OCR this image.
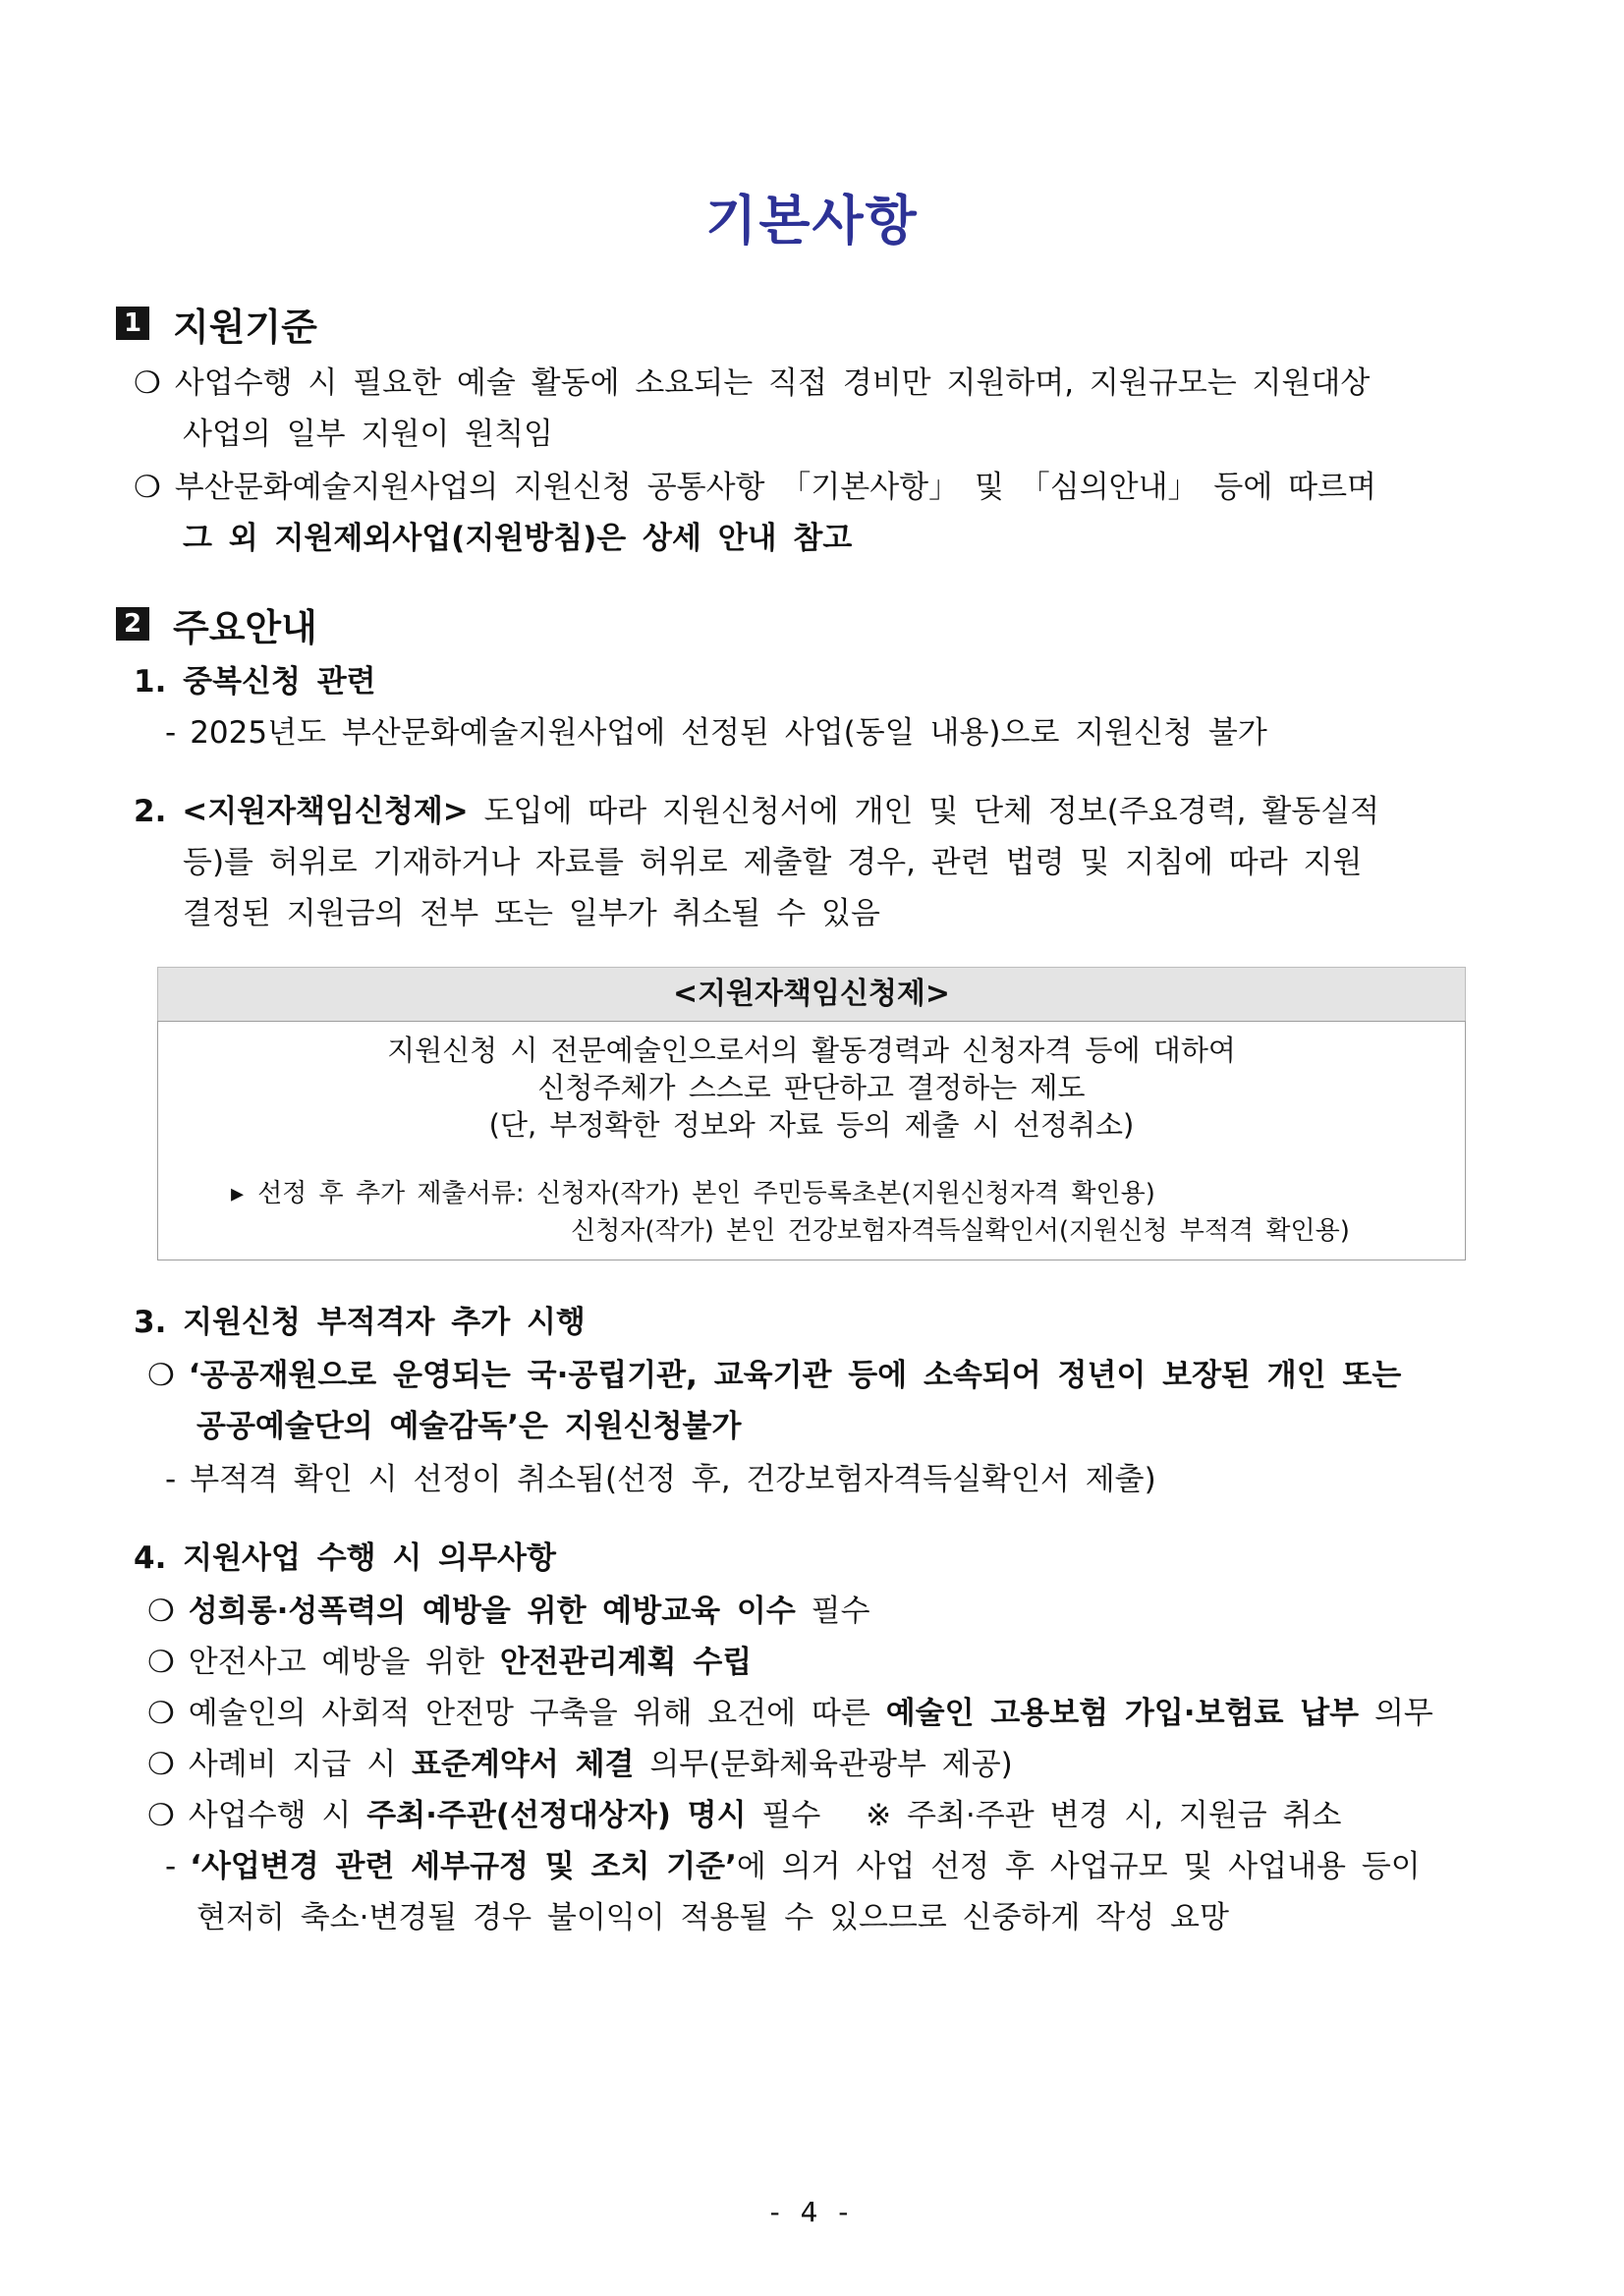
기본사항
1 지원기준
❍ 사업수행 시 필요한 예술 활동에 소요되는 직접 경비만 지원하며, 지원규모는 지원대상
사업의 일부 지원이 원칙임
❍ 부산문화예술지원사업의 지원신청 공통사항 「기본사항」 및 「심의안내」 등에 따르며
그 외 지원제외사업(지원방침)은 상세 안내 참고
2 주요안내
1. 중복신청 관련
- 2025년도 부산문화예술지원사업에 선정된 사업(동일 내용)으로 지원신청 불가
2. <지원자책임신청제> 도입에 따라 지원신청서에 개인 및 단체 정보(주요경력, 활동실적
등)를 허위로 기재하거나 자료를 허위로 제출할 경우, 관련 법령 및 지침에 따라 지원
결정된 지원금의 전부 또는 일부가 취소될 수 있음
<지원자책임신청제>
지원신청 시 전문예술인으로서의 활동경력과 신청자격 등에 대하여
신청주체가 스스로 판단하고 결정하는 제도
(단, 부정확한 정보와 자료 등의 제출 시 선정취소)
▸ 선정 후 추가 제출서류: 신청자(작가) 본인 주민등록초본(지원신청자격 확인용)
신청자(작가) 본인 건강보험자격득실확인서(지원신청 부적격 확인용)
3. 지원신청 부적격자 추가 시행
❍ ‘공공재원으로 운영되는 국·공립기관, 교육기관 등에 소속되어 정년이 보장된 개인 또는
공공예술단의 예술감독’은 지원신청불가
- 부적격 확인 시 선정이 취소됨(선정 후, 건강보험자격득실확인서 제출)
4. 지원사업 수행 시 의무사항
❍ 성희롱·성폭력의 예방을 위한 예방교육 이수 필수
❍ 안전사고 예방을 위한 안전관리계획 수립
❍ 예술인의 사회적 안전망 구축을 위해 요건에 따른 예술인 고용보험 가입·보험료 납부 의무
❍ 사례비 지급 시 표준계약서 체결 의무(문화체육관광부 제공)
❍ 사업수행 시 주최·주관(선정대상자) 명시 필수 ※ 주최·주관 변경 시, 지원금 취소
- ‘사업변경 관련 세부규정 및 조치 기준’에 의거 사업 선정 후 사업규모 및 사업내용 등이
현저히 축소·변경될 경우 불이익이 적용될 수 있으므로 신중하게 작성 요망
- 4 -
